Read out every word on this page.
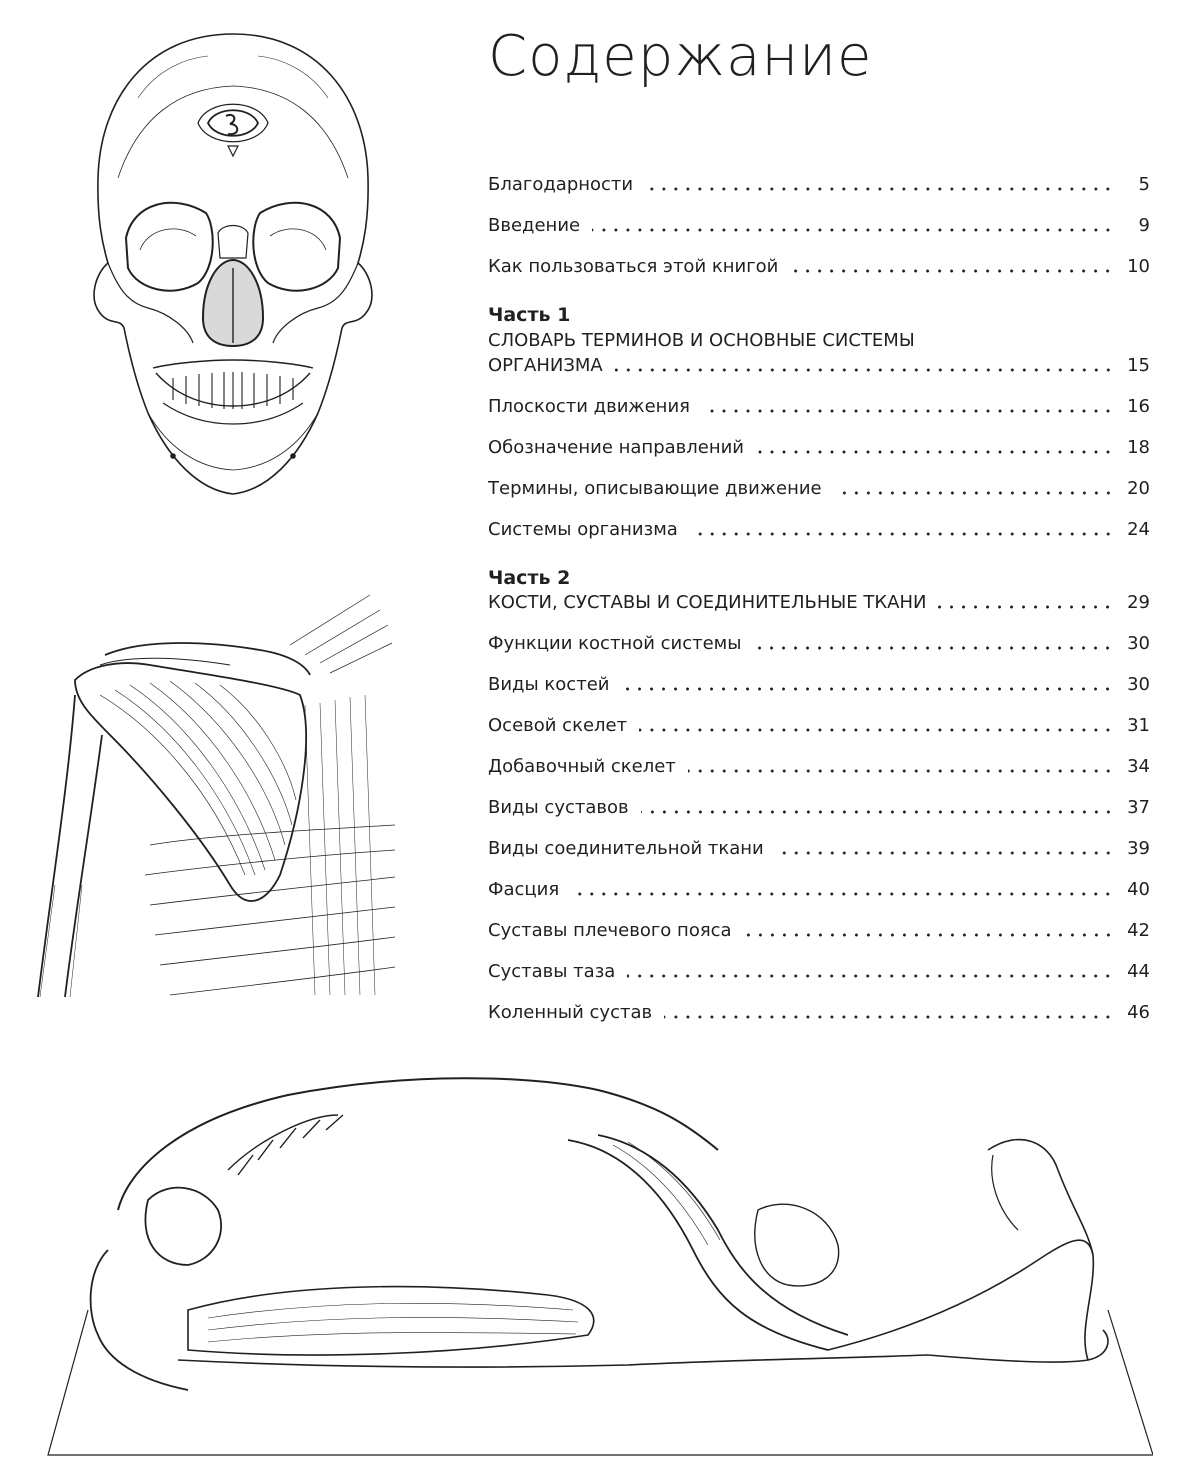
Содержание
Благодарности	5
Введение	9
Как пользоваться этой книгой	10
Часть 1
СЛОВАРЬ ТЕРМИНОВ И ОСНОВНЫЕ СИСТЕМЫ
ОРГАНИЗМА	15
Плоскости движения	16
Обозначение направлений	18
Термины, описывающие движение	20
Системы организма	24
Часть 2
КОСТИ, СУСТАВЫ И СОЕДИНИТЕЛЬНЫЕ ТКАНИ	29
Функции костной системы	30
Виды костей	30
Осевой скелет	31
Добавочный скелет	34
Виды суставов	37
Виды соединительной ткани	39
Фасция	40
Суставы плечевого пояса	42
Суставы таза	44
Коленный сустав	46
